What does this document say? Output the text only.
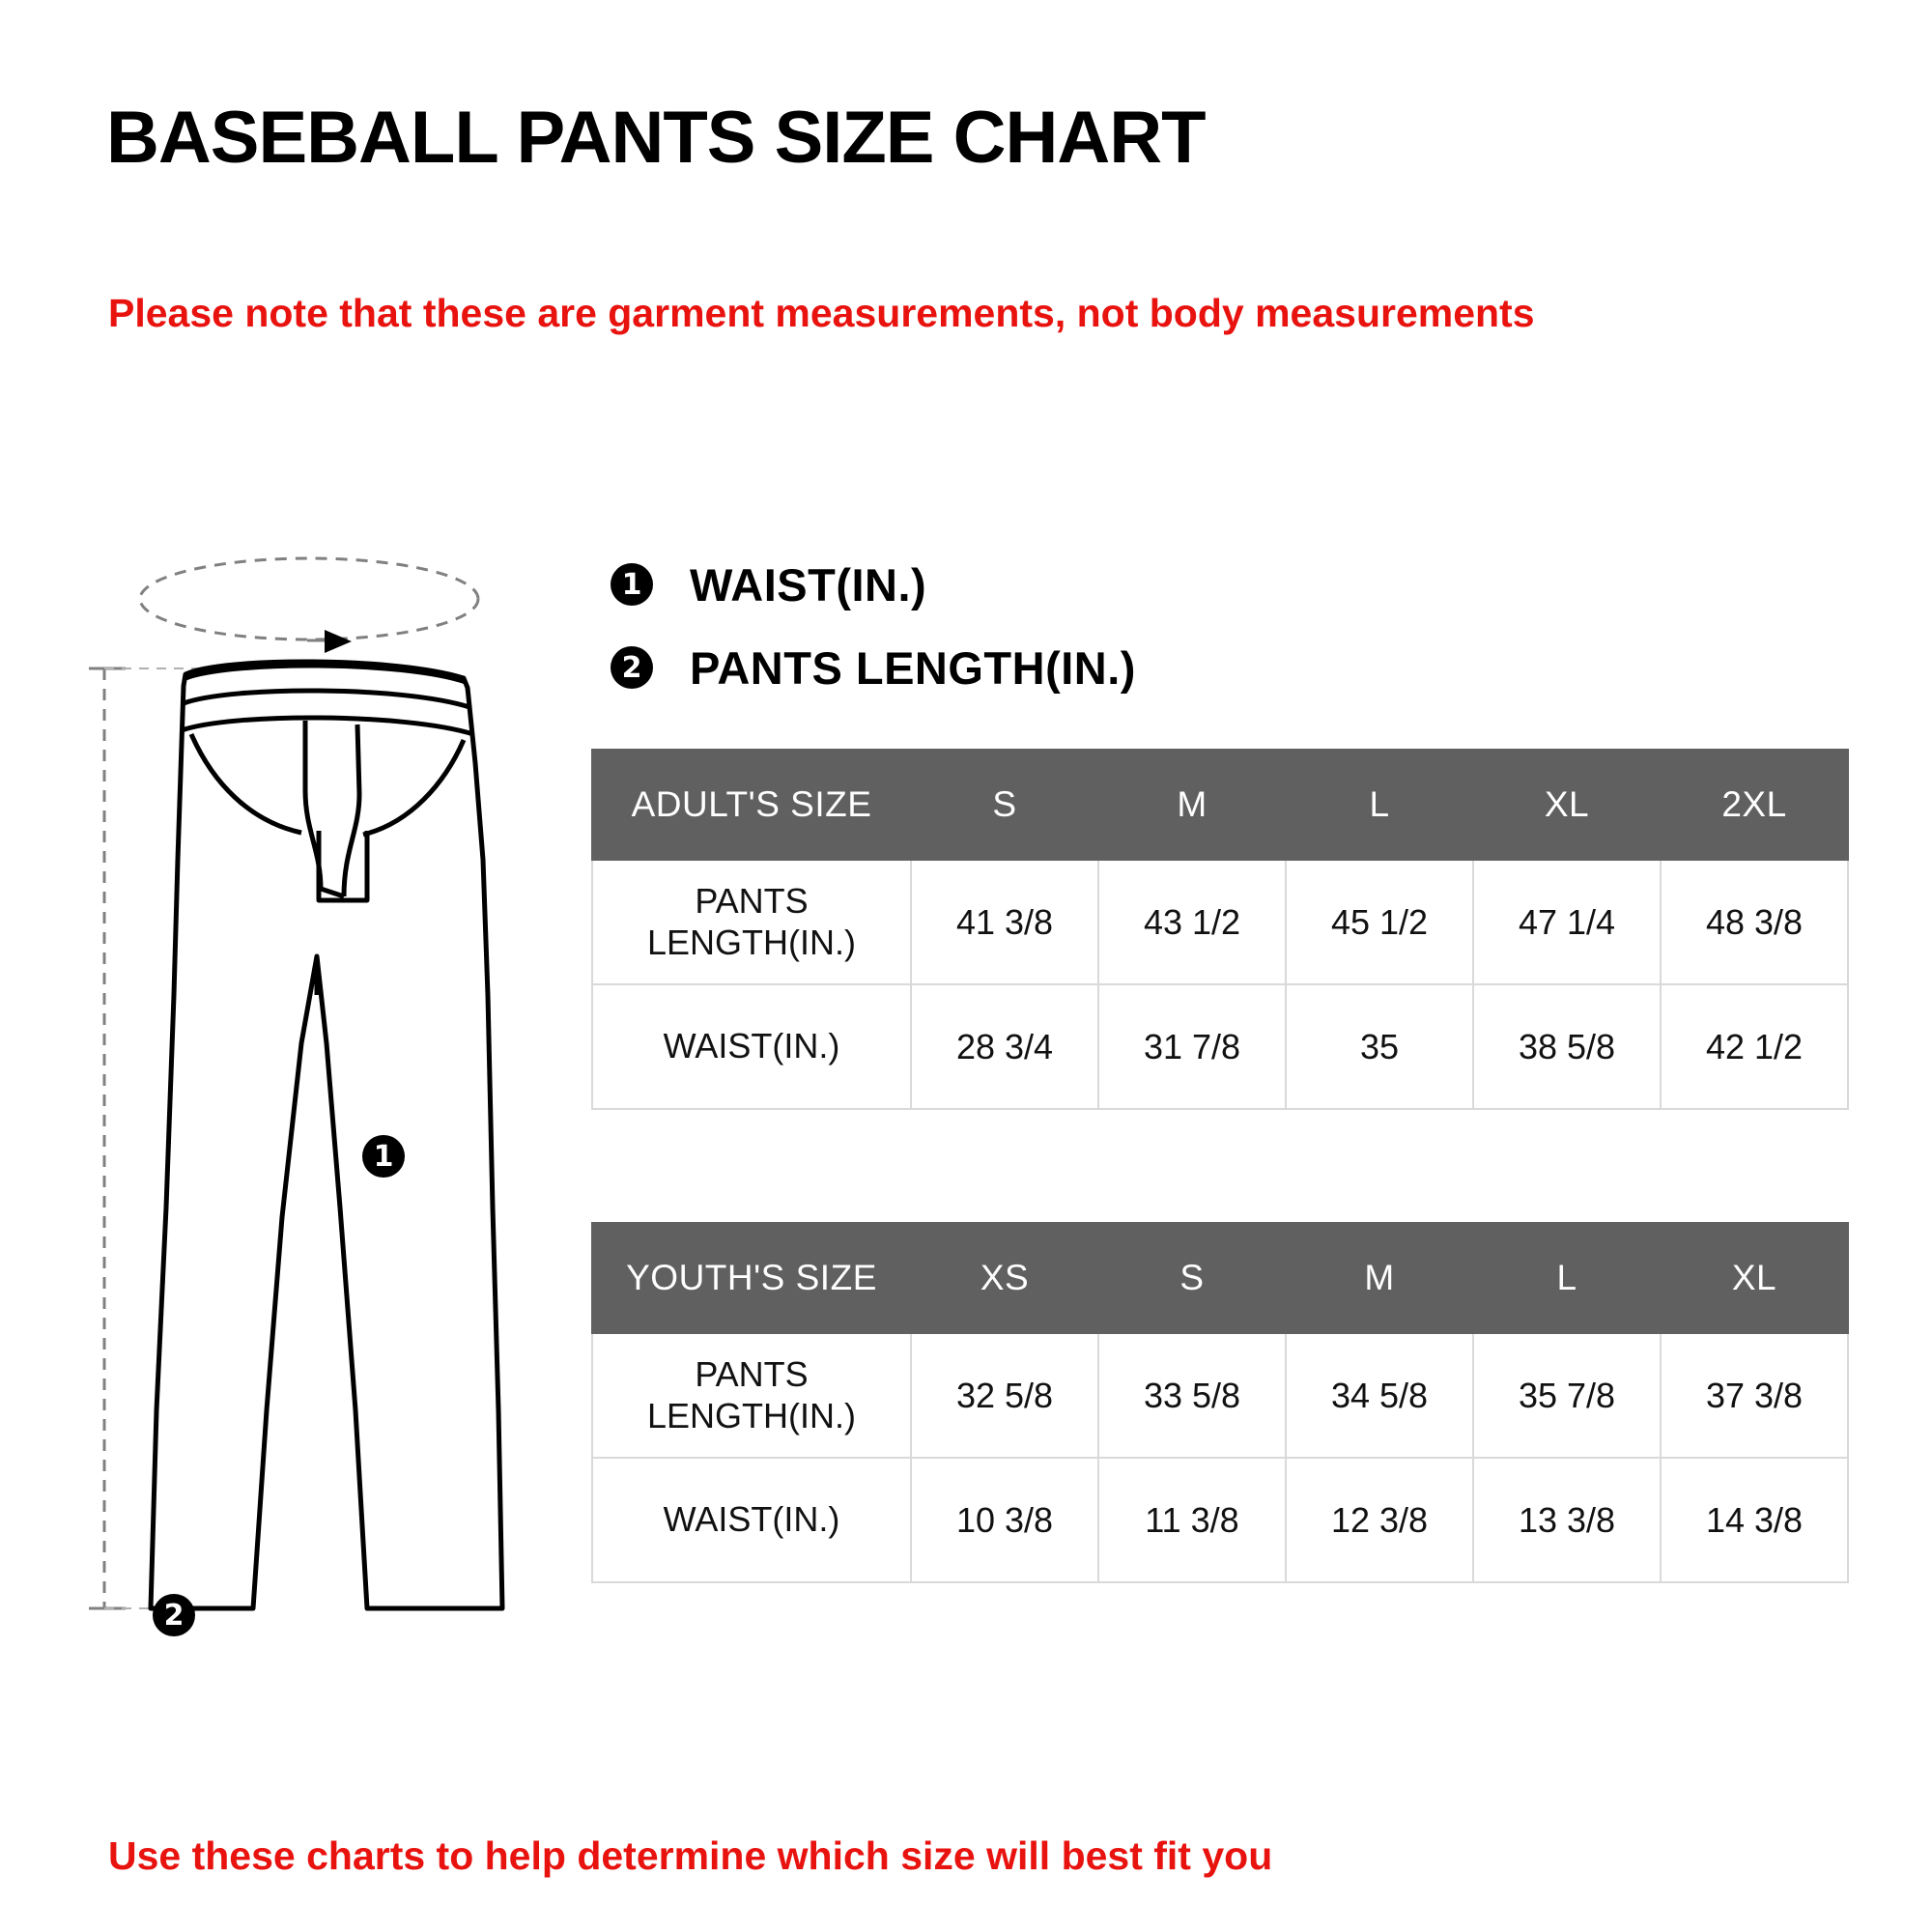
BASEBALL PANTS SIZE CHART
Please note that these are garment measurements, not body measurements
1 WAIST(IN.)
2 PANTS LENGTH(IN.)
1
2
ADULT'S SIZE	S	M	L	XL	2XL
PANTS LENGTH(IN.)	41 3/8	43 1/2	45 1/2	47 1/4	48 3/8
WAIST(IN.)	28 3/4	31 7/8	35	38 5/8	42 1/2
YOUTH'S SIZE	XS	S	M	L	XL
PANTS LENGTH(IN.)	32 5/8	33 5/8	34 5/8	35 7/8	37 3/8
WAIST(IN.)	10 3/8	11 3/8	12 3/8	13 3/8	14 3/8
Use these charts to help determine which size will best fit you
